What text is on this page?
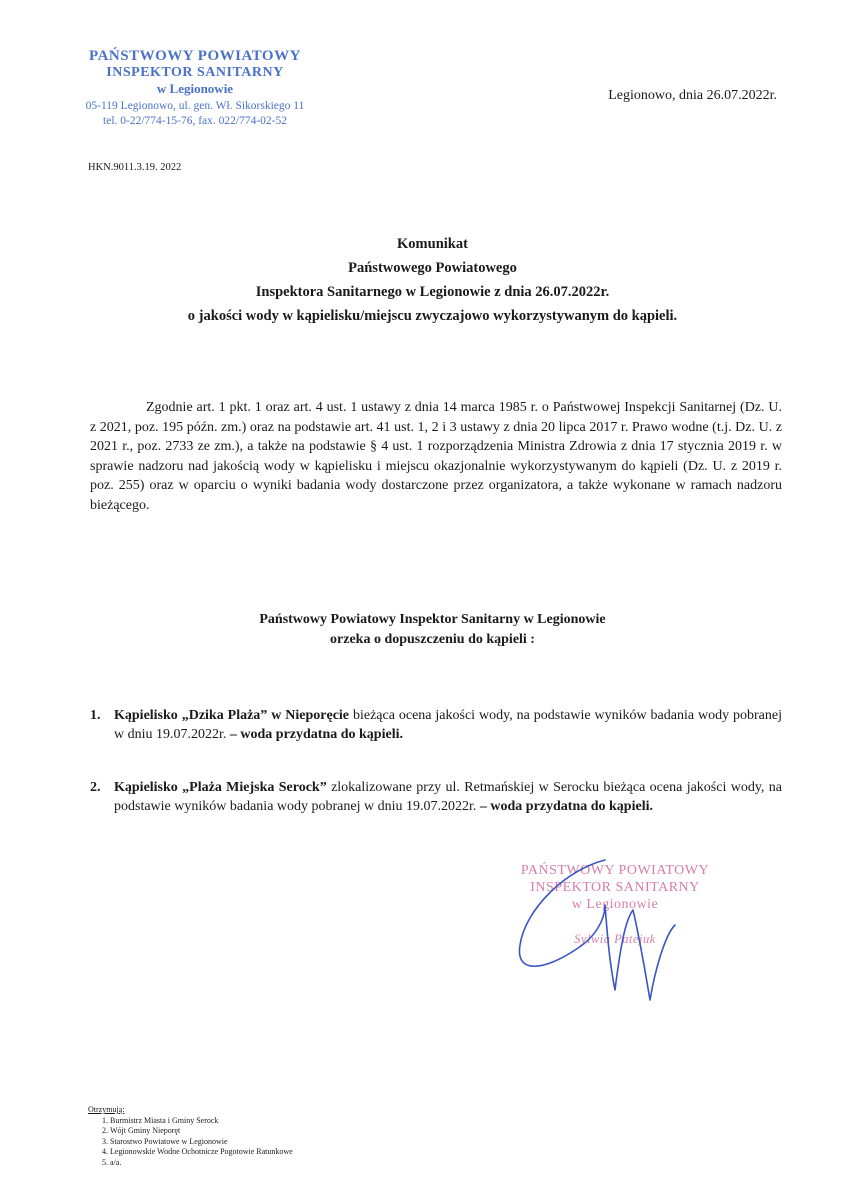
PAŃSTWOWY POWIATOWY
INSPEKTOR SANITARNY
w Legionowie
05-119 Legionowo, ul. gen. Wł. Sikorskiego 11
tel. 0-22/774-15-76, fax. 022/774-02-52
Legionowo, dnia 26.07.2022r.
HKN.9011.3.19. 2022
Komunikat
Państwowego Powiatowego
Inspektora Sanitarnego w Legionowie z dnia 26.07.2022r.
o jakości wody w kąpielisku/miejscu zwyczajowo wykorzystywanym do kąpieli.
Zgodnie art. 1 pkt. 1 oraz art. 4 ust. 1 ustawy z dnia 14 marca 1985 r. o Państwowej Inspekcji Sanitarnej (Dz. U. z 2021, poz. 195 późn. zm.) oraz na podstawie art. 41 ust. 1, 2 i 3 ustawy z dnia 20 lipca 2017 r. Prawo wodne (t.j. Dz. U. z 2021 r., poz. 2733 ze zm.), a także na podstawie § 4 ust. 1 rozporządzenia Ministra Zdrowia z dnia 17 stycznia 2019 r. w sprawie nadzoru nad jakością wody w kąpielisku i miejscu okazjonalnie wykorzystywanym do kąpieli (Dz. U. z 2019 r. poz. 255) oraz w oparciu o wyniki badania wody dostarczone przez organizatora, a także wykonane w ramach nadzoru bieżącego.
Państwowy Powiatowy Inspektor Sanitarny w Legionowie
orzeka o dopuszczeniu do kąpieli :
1. Kąpielisko „Dzika Plaża” w Nieporęcie bieżąca ocena jakości wody, na podstawie wyników badania wody pobranej w dniu 19.07.2022r. – woda przydatna do kąpieli.
2. Kąpielisko „Plaża Miejska Serock” zlokalizowane przy ul. Retmańskiej w Serocku bieżąca ocena jakości wody, na podstawie wyników badania wody pobranej w dniu 19.07.2022r. – woda przydatna do kąpieli.
PAŃSTWOWY POWIATOWY
INSPEKTOR SANITARNY
w Legionowie
Sylwia Patejuk
Otrzymują:
1. Burmistrz Miasta i Gminy Serock
2. Wójt Gminy Nieporęt
3. Starostwo Powiatowe w Legionowie
4. Legionowskie Wodne Ochotnicze Pogotowie Ratunkowe
5. a/a.
